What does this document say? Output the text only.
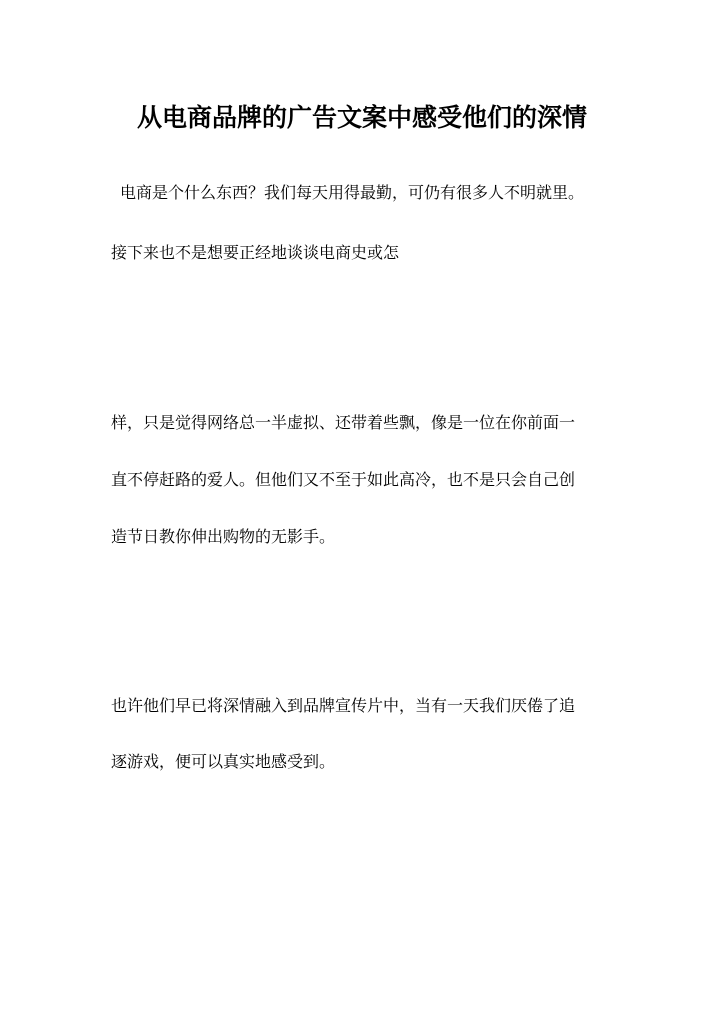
从电商品牌的广告文案中感受他们的深情
电商是个什么东西？我们每天用得最勤，可仍有很多人不明就里。
接下来也不是想要正经地谈谈电商史或怎
样，只是觉得网络总一半虚拟、还带着些飘，像是一位在你前面一
直不停赶路的爱人。但他们又不至于如此高冷，也不是只会自己创
造节日教你伸出购物的无影手。
也许他们早已将深情融入到品牌宣传片中，当有一天我们厌倦了追
逐游戏，便可以真实地感受到。
